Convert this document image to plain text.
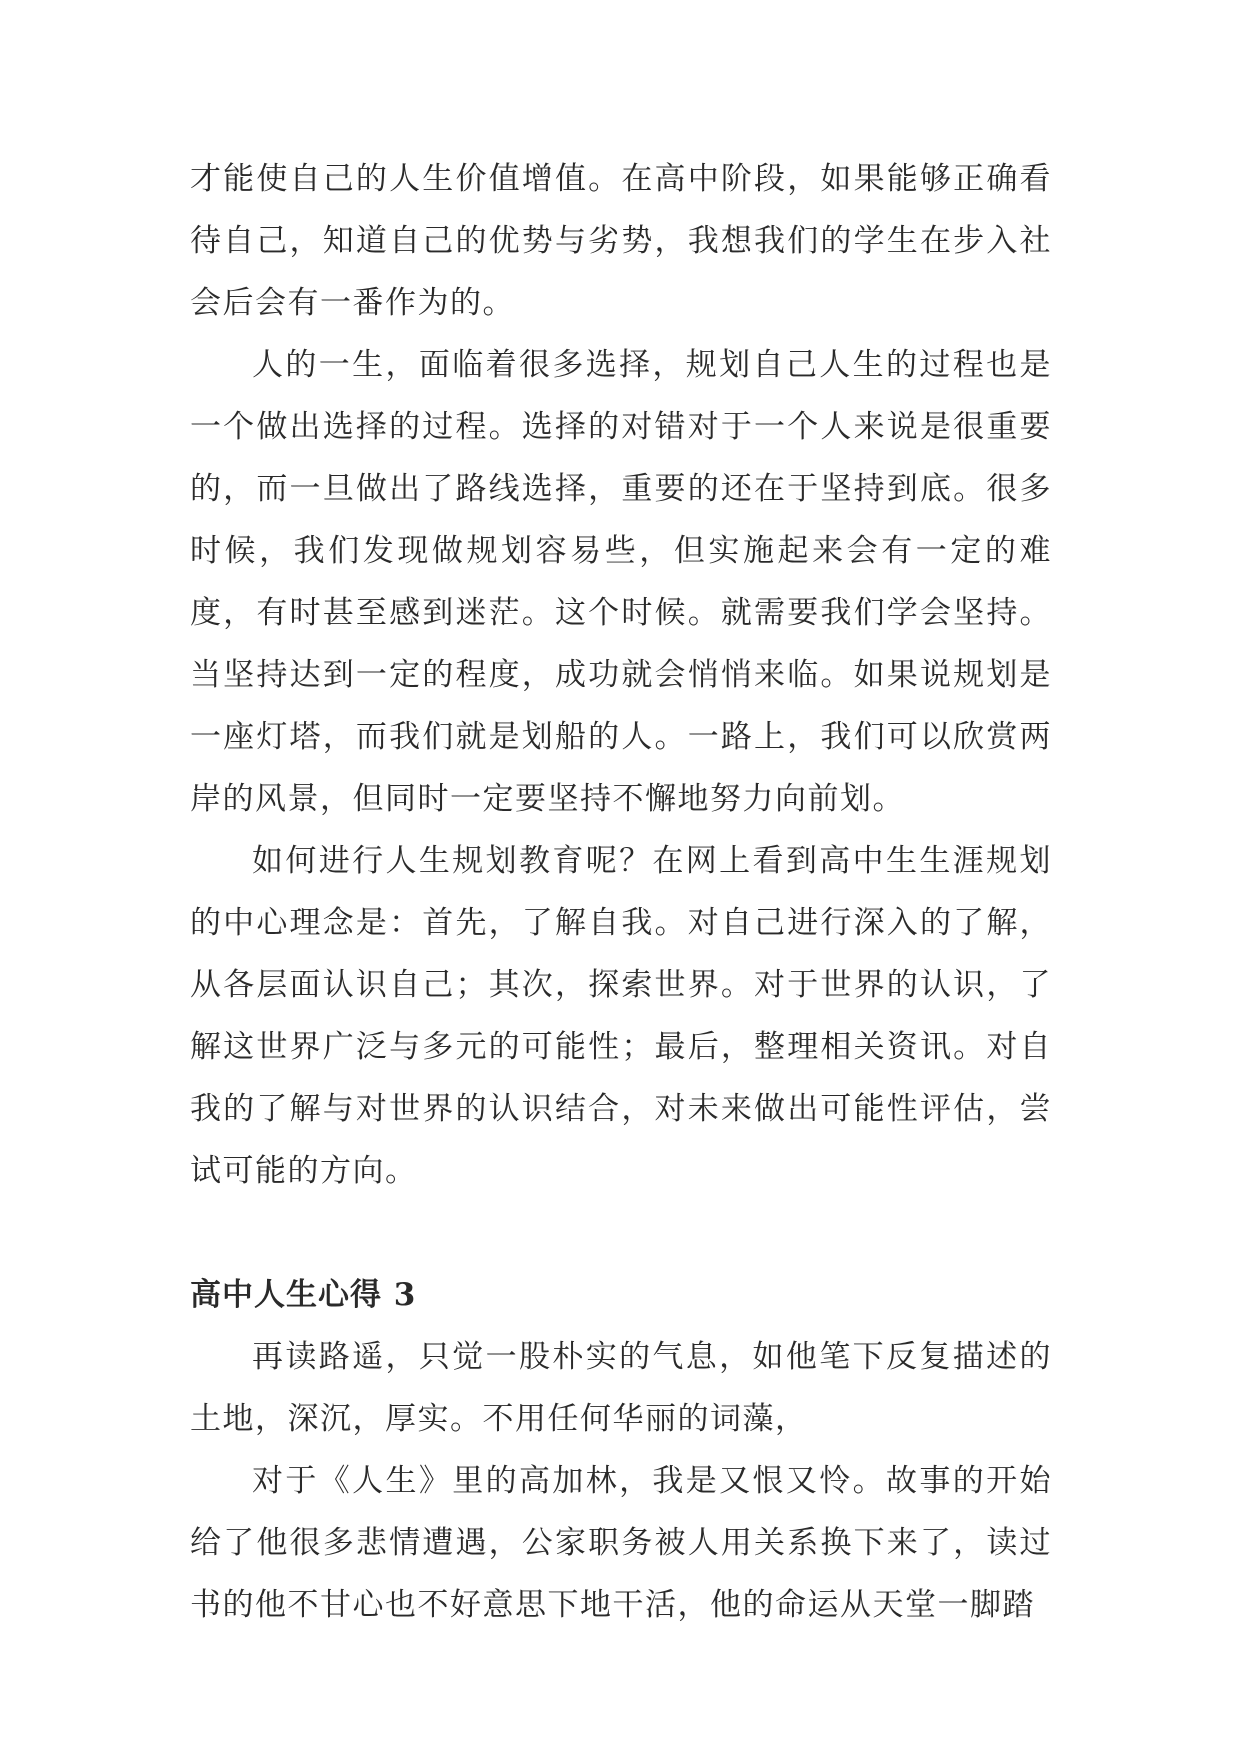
才能使自己的人生价值增值。在高中阶段，如果能够正确看待自己，知道自己的优势与劣势，我想我们的学生在步入社会后会有一番作为的。

人的一生，面临着很多选择，规划自己人生的过程也是一个做出选择的过程。选择的对错对于一个人来说是很重要的，而一旦做出了路线选择，重要的还在于坚持到底。很多时候，我们发现做规划容易些，但实施起来会有一定的难度，有时甚至感到迷茫。这个时候。就需要我们学会坚持。当坚持达到一定的程度，成功就会悄悄来临。如果说规划是一座灯塔，而我们就是划船的人。一路上，我们可以欣赏两岸的风景，但同时一定要坚持不懈地努力向前划。

如何进行人生规划教育呢？在网上看到高中生生涯规划的中心理念是：首先，了解自我。对自己进行深入的了解，从各层面认识自己；其次，探索世界。对于世界的认识，了解这世界广泛与多元的可能性；最后，整理相关资讯。对自我的了解与对世界的认识结合，对未来做出可能性评估，尝试可能的方向。

高中人生心得 3

再读路遥，只觉一股朴实的气息，如他笔下反复描述的土地，深沉，厚实。不用任何华丽的词藻，

对于《人生》里的高加林，我是又恨又怜。故事的开始给了他很多悲情遭遇，公家职务被人用关系换下来了，读过书的他不甘心也不好意思下地干活，他的命运从天堂一脚踏
